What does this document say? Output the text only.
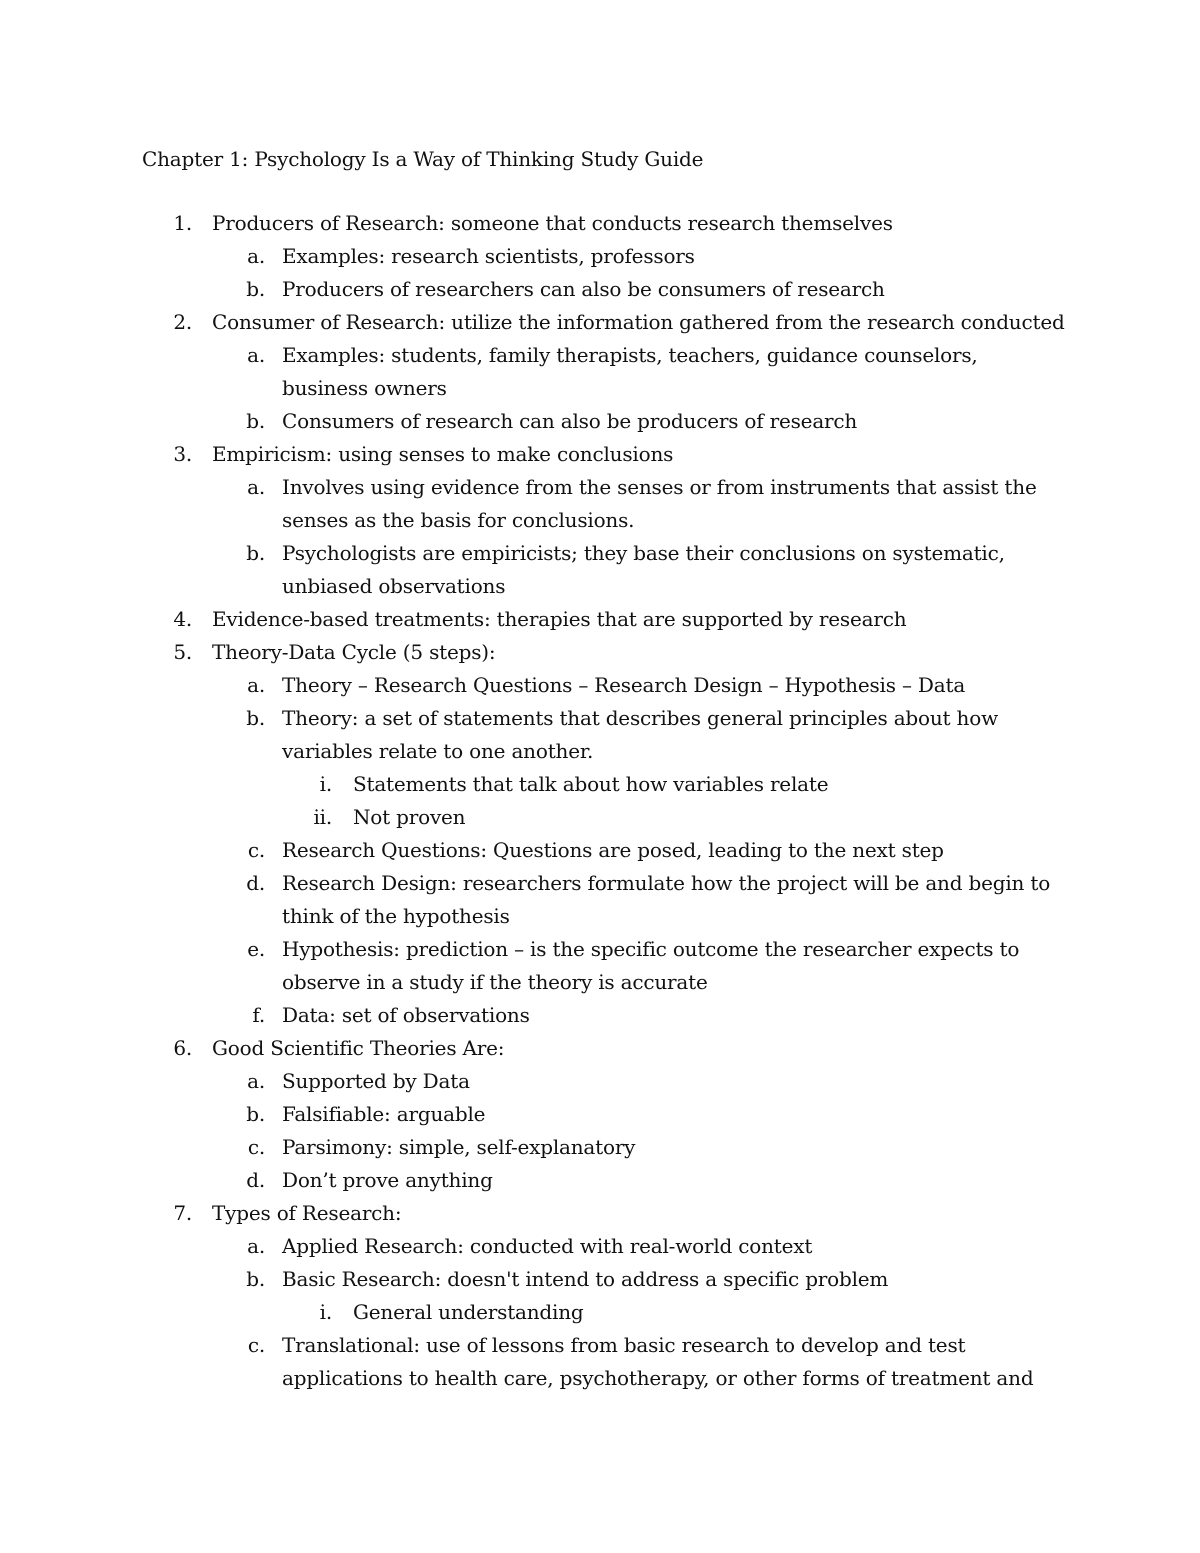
Chapter 1: Psychology Is a Way of Thinking Study Guide
1. Producers of Research: someone that conducts research themselves
a. Examples: research scientists, professors
b. Producers of researchers can also be consumers of research
2. Consumer of Research: utilize the information gathered from the research conducted
a. Examples: students, family therapists, teachers, guidance counselors, business owners
b. Consumers of research can also be producers of research
3. Empiricism: using senses to make conclusions
a. Involves using evidence from the senses or from instruments that assist the senses as the basis for conclusions.
b. Psychologists are empiricists; they base their conclusions on systematic, unbiased observations
4. Evidence-based treatments: therapies that are supported by research
5. Theory-Data Cycle (5 steps):
a. Theory – Research Questions – Research Design – Hypothesis – Data
b. Theory: a set of statements that describes general principles about how variables relate to one another.
i. Statements that talk about how variables relate
ii. Not proven
c. Research Questions: Questions are posed, leading to the next step
d. Research Design: researchers formulate how the project will be and begin to think of the hypothesis
e. Hypothesis: prediction – is the specific outcome the researcher expects to observe in a study if the theory is accurate
f. Data: set of observations
6. Good Scientific Theories Are:
a. Supported by Data
b. Falsifiable: arguable
c. Parsimony: simple, self-explanatory
d. Don’t prove anything
7. Types of Research:
a. Applied Research: conducted with real-world context
b. Basic Research: doesn't intend to address a specific problem
i. General understanding
c. Translational: use of lessons from basic research to develop and test applications to health care, psychotherapy, or other forms of treatment and
